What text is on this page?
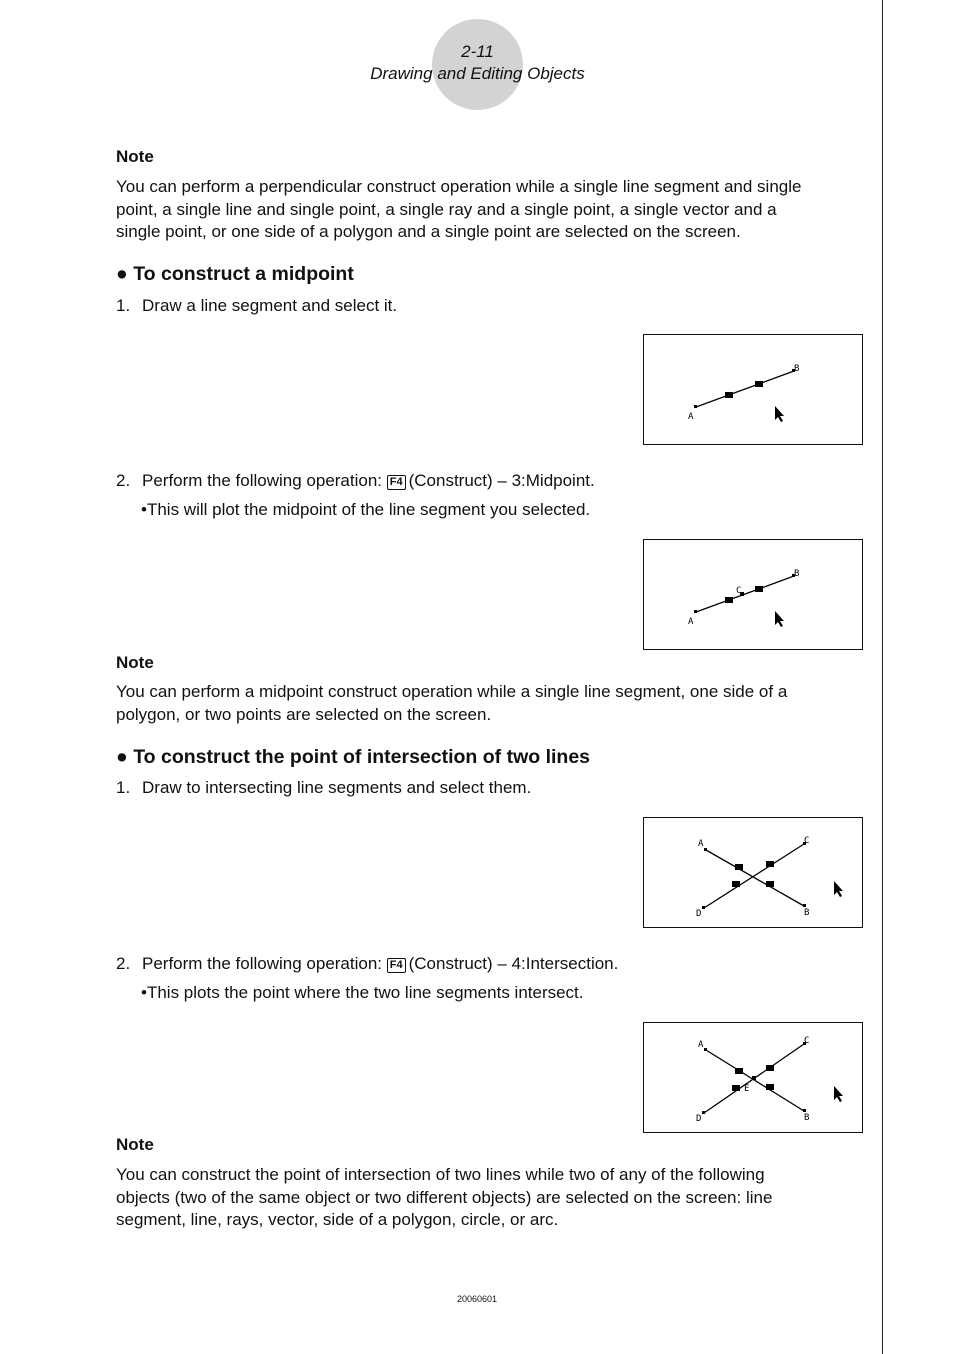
2-11
Drawing and Editing Objects
Note
You can perform a perpendicular construct operation while a single line segment and single
point, a single line and single point, a single ray and a single point, a single vector and a
single point, or one side of a polygon and a single point are selected on the screen.
● To construct a midpoint
1. Draw a line segment and select it.
A
B
2. Perform the following operation: F4 (Construct) – 3:Midpoint.
•This will plot the midpoint of the line segment you selected.
A
B
C
Note
You can perform a midpoint construct operation while a single line segment, one side of a
polygon, or two points are selected on the screen.
● To construct the point of intersection of two lines
1. Draw to intersecting line segments and select them.
A
B
C
D
2. Perform the following operation: F4 (Construct) – 4:Intersection.
•This plots the point where the two line segments intersect.
A
B
C
D
E
Note
You can construct the point of intersection of two lines while two of any of the following
objects (two of the same object or two different objects) are selected on the screen: line
segment, line, rays, vector, side of a polygon, circle, or arc.
20060601
